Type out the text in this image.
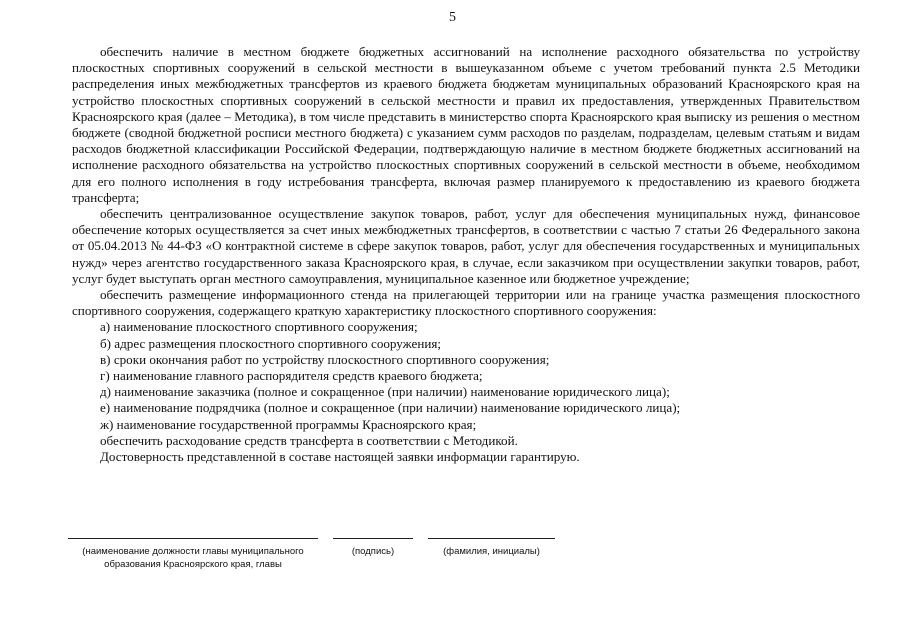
5

обеспечить наличие в местном бюджете бюджетных ассигнований на исполнение расходного обязательства по устройству плоскостных спортивных сооружений в сельской местности в вышеуказанном объеме с учетом требований пункта 2.5 Методики распределения иных межбюджетных трансфертов из краевого бюджета бюджетам муниципальных образований Красноярского края на устройство плоскостных спортивных сооружений в сельской местности и правил их предоставления, утвержденных Правительством Красноярского края (далее – Методика), в том числе представить в министерство спорта Красноярского края выписку из решения о местном бюджете (сводной бюджетной росписи местного бюджета) с указанием сумм расходов по разделам, подразделам, целевым статьям и видам расходов бюджетной классификации Российской Федерации, подтверждающую наличие в местном бюджете бюджетных ассигнований на исполнение расходного обязательства на устройство плоскостных спортивных сооружений в сельской местности в объеме, необходимом для его полного исполнения в году истребования трансферта, включая размер планируемого к предоставлению из краевого бюджета трансферта;

обеспечить централизованное осуществление закупок товаров, работ, услуг для обеспечения муниципальных нужд, финансовое обеспечение которых осуществляется за счет иных межбюджетных трансфертов, в соответствии с частью 7 статьи 26 Федерального закона от 05.04.2013 № 44-ФЗ «О контрактной системе в сфере закупок товаров, работ, услуг для обеспечения государственных и муниципальных нужд» через агентство государственного заказа Красноярского края, в случае, если заказчиком при осуществлении закупки товаров, работ, услуг будет выступать орган местного самоуправления, муниципальное казенное или бюджетное учреждение;

обеспечить размещение информационного стенда на прилегающей территории или на границе участка размещения плоскостного спортивного сооружения, содержащего краткую характеристику плоскостного спортивного сооружения:

а) наименование плоскостного спортивного сооружения;

б) адрес размещения плоскостного спортивного сооружения;

в) сроки окончания работ по устройству плоскостного спортивного сооружения;

г) наименование главного распорядителя средств краевого бюджета;

д) наименование заказчика (полное и сокращенное (при наличии) наименование юридического лица);

е) наименование подрядчика (полное и сокращенное (при наличии) наименование юридического лица);

ж) наименование государственной программы Красноярского края;

обеспечить расходование средств трансферта в соответствии с Методикой.

Достоверность представленной в составе настоящей заявки информации гарантирую.

(наименование должности главы муниципального
образования Красноярского края, главы
(подпись)	(фамилия, инициалы)
